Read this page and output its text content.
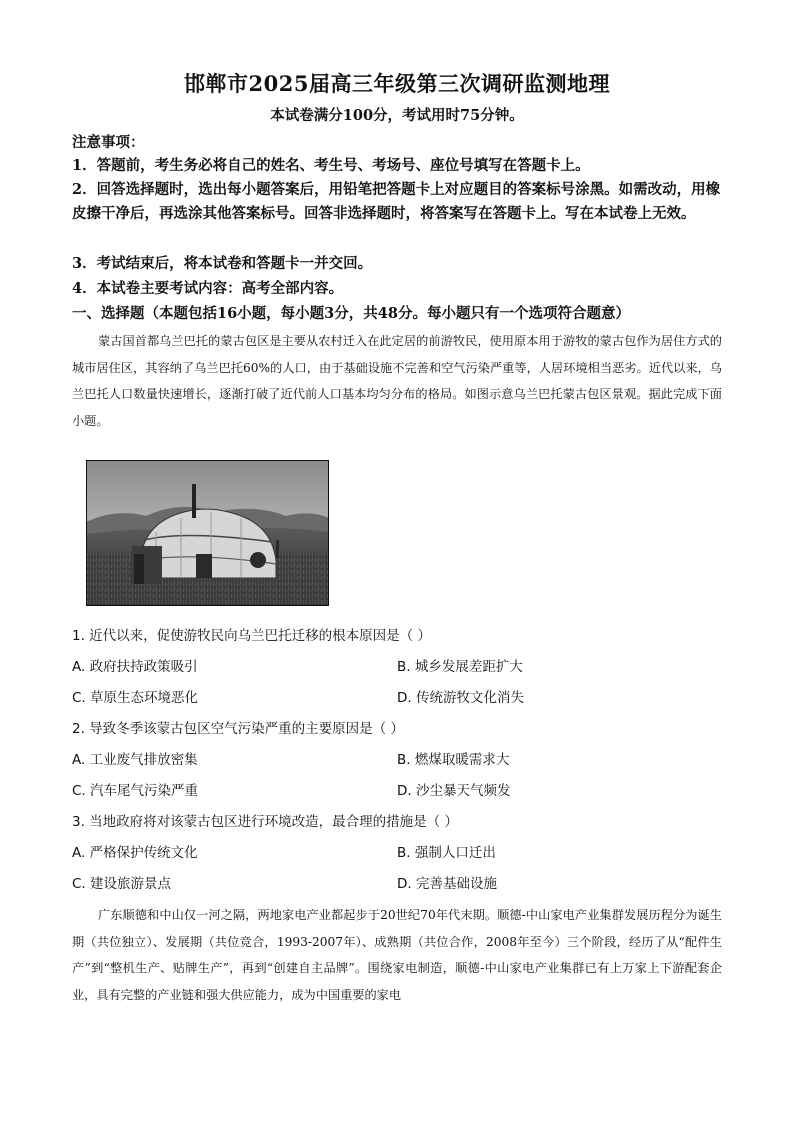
邯郸市2025届高三年级第三次调研监测地理
本试卷满分100分，考试用时75分钟。
注意事项：
1．答题前，考生务必将自己的姓名、考生号、考场号、座位号填写在答题卡上。
2．回答选择题时，选出每小题答案后，用铅笔把答题卡上对应题目的答案标号涂黑。如需改动，用橡皮擦干净后，再选涂其他答案标号。回答非选择题时，将答案写在答题卡上。写在本试卷上无效。
3．考试结束后，将本试卷和答题卡一并交回。
4．本试卷主要考试内容：高考全部内容。
一、选择题（本题包括16小题，每小题3分，共48分。每小题只有一个选项符合题意）
蒙古国首都乌兰巴托的蒙古包区是主要从农村迁入在此定居的前游牧民，使用原本用于游牧的蒙古包作为居住方式的城市居住区，其容纳了乌兰巴托60%的人口，由于基础设施不完善和空气污染严重等，人居环境相当恶劣。近代以来，乌兰巴托人口数量快速增长，逐渐打破了近代前人口基本均匀分布的格局。如图示意乌兰巴托蒙古包区景观。据此完成下面小题。
1. 近代以来，促使游牧民向乌兰巴托迁移的根本原因是（ ）
A. 政府扶持政策吸引	B. 城乡发展差距扩大
C. 草原生态环境恶化	D. 传统游牧文化消失
2. 导致冬季该蒙古包区空气污染严重的主要原因是（ ）
A. 工业废气排放密集	B. 燃煤取暖需求大
C. 汽车尾气污染严重	D. 沙尘暴天气频发
3. 当地政府将对该蒙古包区进行环境改造，最合理的措施是（ ）
A. 严格保护传统文化	B. 强制人口迁出
C. 建设旅游景点	D. 完善基础设施
广东顺德和中山仅一河之隔，两地家电产业都起步于20世纪70年代末期。顺德-中山家电产业集群发展历程分为诞生期（共位独立）、发展期（共位竞合，1993-2007年）、成熟期（共位合作，2008年至今）三个阶段，经历了从“配件生产”到“整机生产、贴牌生产”，再到“创建自主品牌”。围绕家电制造，顺德-中山家电产业集群已有上万家上下游配套企业，具有完整的产业链和强大供应能力，成为中国重要的家电
